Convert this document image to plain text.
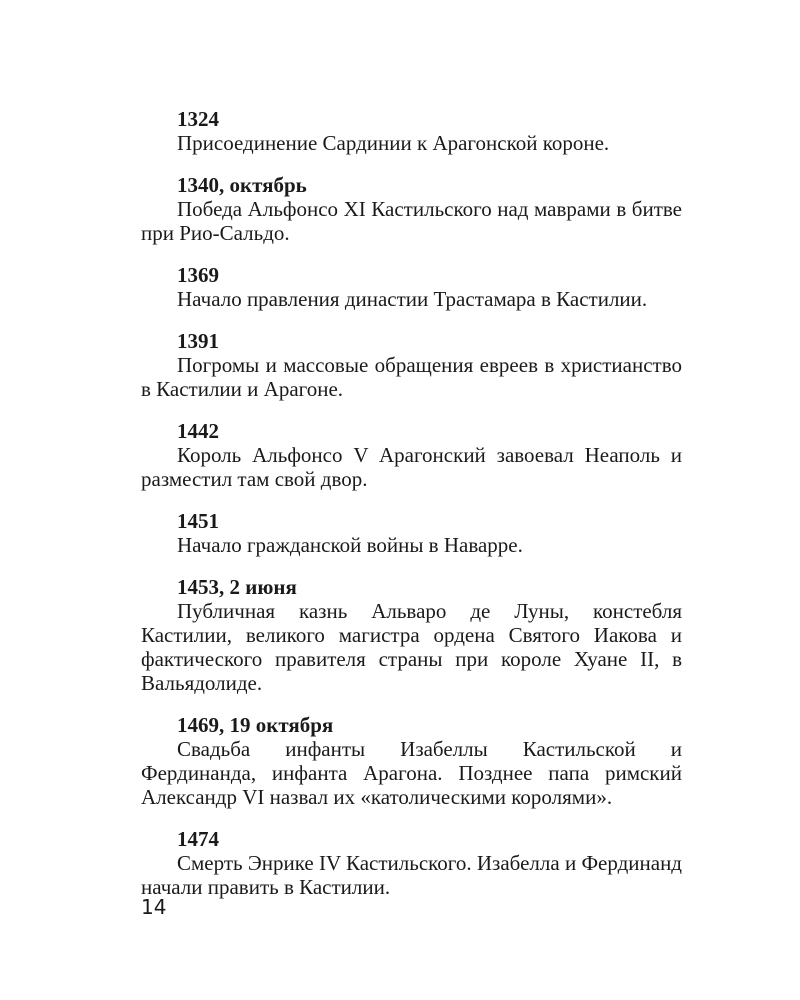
1324
Присоединение Сардинии к Арагонской короне.
1340, октябрь
Победа Альфонсо XI Кастильского над маврами в битве при Рио-Сальдо.
1369
Начало правления династии Трастамара в Кастилии.
1391
Погромы и массовые обращения евреев в христианство в Кастилии и Арагоне.
1442
Король Альфонсо V Арагонский завоевал Неаполь и разместил там свой двор.
1451
Начало гражданской войны в Наварре.
1453, 2 июня
Публичная казнь Альваро де Луны, констебля Кастилии, великого магистра ордена Святого Иакова и фактического правителя страны при короле Хуане II, в Вальядолиде.
1469, 19 октября
Свадьба инфанты Изабеллы Кастильской и Фердинанда, инфанта Арагона. Позднее папа римский Александр VI назвал их «католическими королями».
1474
Смерть Энрике IV Кастильского. Изабелла и Фердинанд начали править в Кастилии.
14
